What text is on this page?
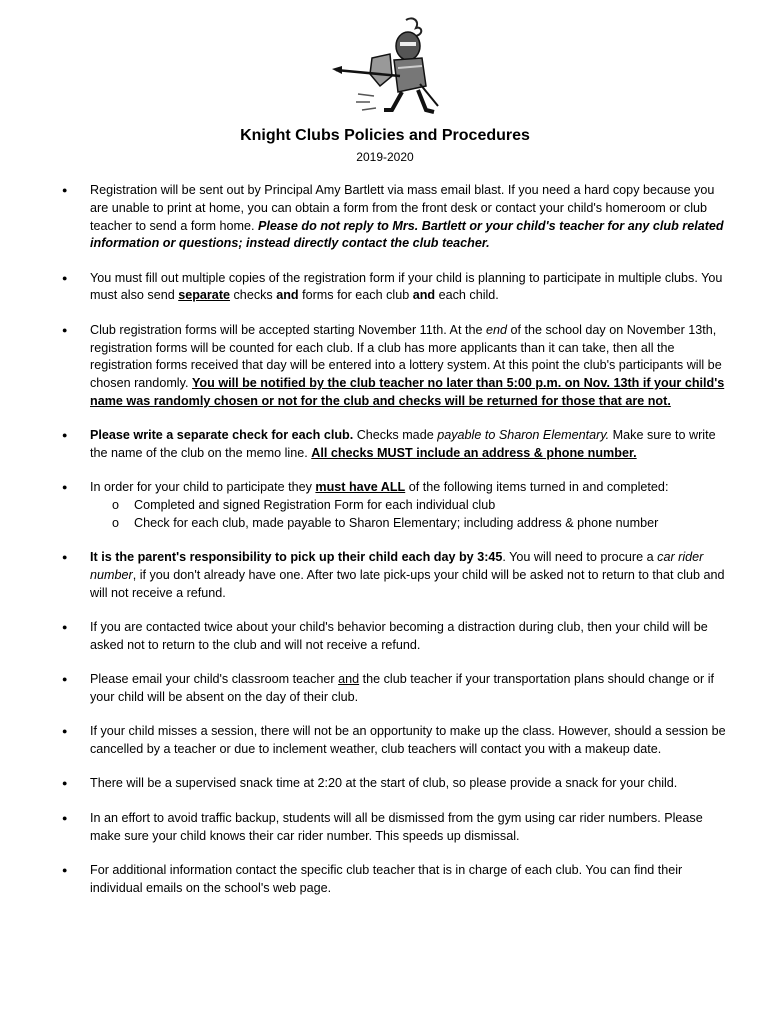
Knight Clubs Policies and Procedures
2019-2020
● Registration will be sent out by Principal Amy Bartlett via mass email blast. If you need a hard copy because you are unable to print at home, you can obtain a form from the front desk or contact your child's homeroom or club teacher to send a form home. Please do not reply to Mrs. Bartlett or your child's teacher for any club related information or questions; instead directly contact the club teacher.
● You must fill out multiple copies of the registration form if your child is planning to participate in multiple clubs. You must also send separate checks and forms for each club and each child.
● Club registration forms will be accepted starting November 11th. At the end of the school day on November 13th, registration forms will be counted for each club. If a club has more applicants than it can take, then all the registration forms received that day will be entered into a lottery system. At this point the club's participants will be chosen randomly. You will be notified by the club teacher no later than 5:00 p.m. on Nov. 13th if your child's name was randomly chosen or not for the club and checks will be returned for those that are not.
● Please write a separate check for each club. Checks made payable to Sharon Elementary. Make sure to write the name of the club on the memo line. All checks MUST include an address & phone number.
● In order for your child to participate they must have ALL of the following items turned in and completed:
o Completed and signed Registration Form for each individual club
o Check for each club, made payable to Sharon Elementary; including address & phone number
● It is the parent's responsibility to pick up their child each day by 3:45. You will need to procure a car rider number, if you don't already have one. After two late pick-ups your child will be asked not to return to that club and will not receive a refund.
● If you are contacted twice about your child's behavior becoming a distraction during club, then your child will be asked not to return to the club and will not receive a refund.
● Please email your child's classroom teacher and the club teacher if your transportation plans should change or if your child will be absent on the day of their club.
● If your child misses a session, there will not be an opportunity to make up the class. However, should a session be cancelled by a teacher or due to inclement weather, club teachers will contact you with a makeup date.
● There will be a supervised snack time at 2:20 at the start of club, so please provide a snack for your child.
● In an effort to avoid traffic backup, students will all be dismissed from the gym using car rider numbers. Please make sure your child knows their car rider number. This speeds up dismissal.
● For additional information contact the specific club teacher that is in charge of each club. You can find their individual emails on the school's web page.
